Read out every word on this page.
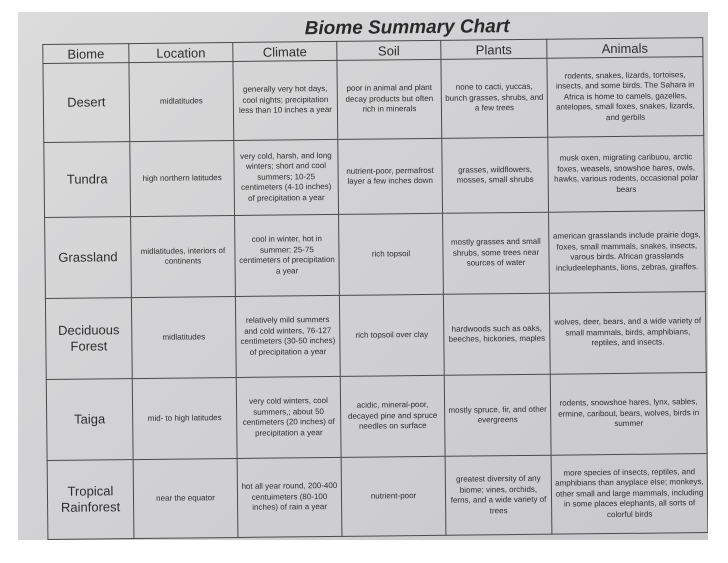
Biome Summary Chart
Biome	Location	Climate	Soil	Plants	Animals
Desert	midlatitudes	generally very hot days, cool nights; precipitation less than 10 inches a year	poor in animal and plant decay products but often rich in minerals	none to cacti, yuccas, bunch grasses, shrubs, and a few trees	rodents, snakes, lizards, tortoises, insects, and some birds. The Sahara in Africa is home to camels, gazelles, antelopes, small foxes, snakes, lizards, and gerbils
Tundra	high northern latitudes	very cold, harsh, and long winters; short and cool summers; 10-25 centimeters (4-10 inches) of precipitation a year	nutrient-poor, permafrost layer a few inches down	grasses, wildflowers, mosses, small shrubs	musk oxen, migrating caribuou, arctic foxes, weasels, snowshoe hares, owls, hawks, various rodents, occasional polar bears
Grassland	midlatitudes, interiors of continents	cool in winter, hot in summer; 25-75 centimeters of precipitation a year	rich topsoil	mostly grasses and small shrubs, some trees near sources of water	american grasslands include prairie dogs, foxes, small mammals, snakes, insects, varous birds. African grasslands includeelephants, lions, zebras, giraffes.
Deciduous Forest	midlatitudes	relatively mild summers and cold winters, 76-127 centimeters (30-50 inches) of precipitation a year	rich topsoil over clay	hardwoods such as oaks, beeches, hickories, maples	wolves, deer, bears, and a wide variety of small mammals, birds, amphibians, reptiles, and insects.
Taiga	mid- to high latitudes	very cold winters, cool summers,; about 50 centimeters (20 inches) of precipitation a year	acidic, mineral-poor, decayed pine and spruce needles on surface	mostly spruce, fir, and other evergreens	rodents, snowshoe hares, lynx, sables, ermine, caribout, bears, wolves, birds in summer
Tropical Rainforest	near the equator	hot all year round, 200-400 centuimeters (80-100 inches) of rain a year	nutrient-poor	greatest diversity of any biome; vines, orchids, ferns, and a wide variety of trees	more species of insects, reptiles, and amphibians than anyplace else; monkeys, other small and large mammals, including in some places elephants, all sorts of colorful birds
